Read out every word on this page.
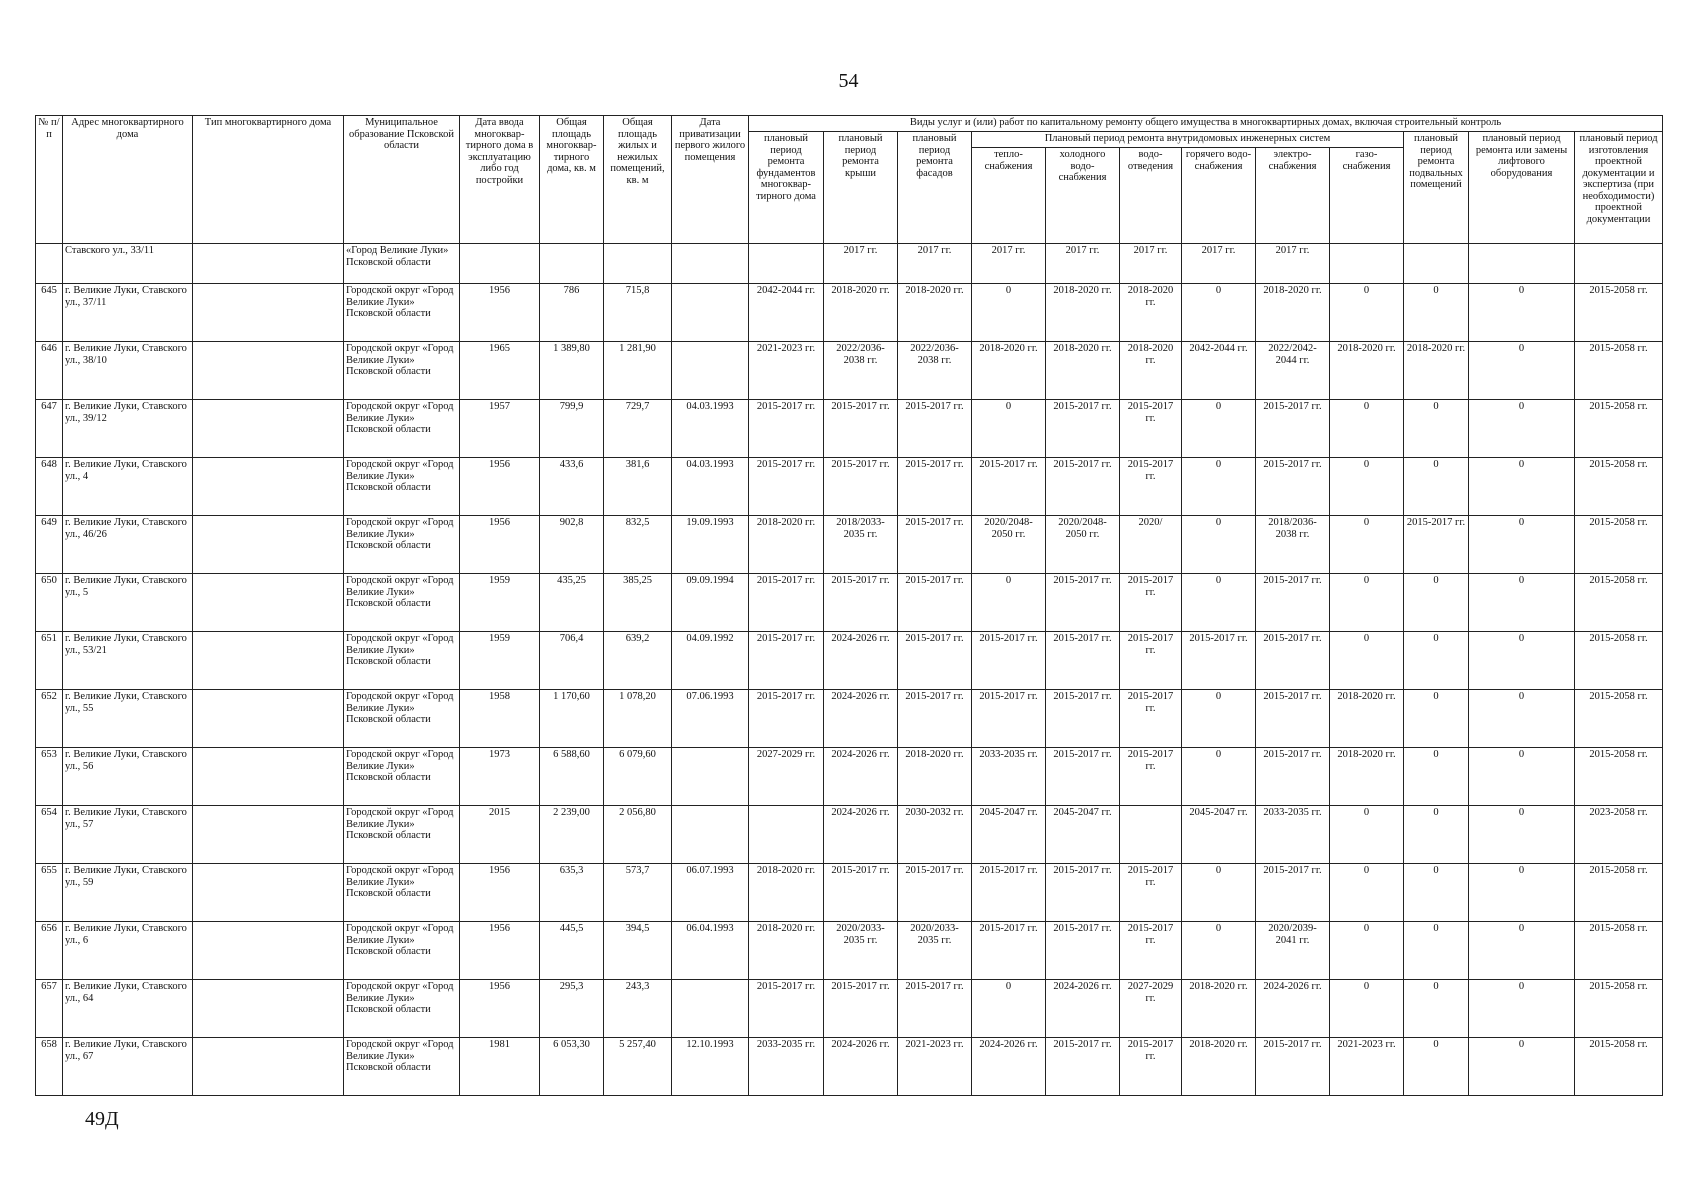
54
№ п/п	Адрес многоквартирного дома	Тип многоквартирного дома	Муниципальное образование Псковской области	Дата ввода многоквар-тирного дома в эксплуатацию либо год постройки	Общая площадь многоквар-тирного дома, кв. м	Общая площадь жилых и нежилых помещений, кв. м	Дата приватизации первого жилого помещения	Виды услуг и (или) работ по капитальному ремонту общего имущества в многоквартирных домах, включая строительный контроль											
								плановый период ремонта фундаментов многоквар-тирного дома	плановый период ремонта крыши	плановый период ремонта фасадов	Плановый период ремонта внутридомовых инженерных систем						плановый период ремонта подвальных помещений	плановый период ремонта или замены лифтового оборудования	плановый период изготовления проектной документации и экспертиза (при необходимости) проектной документации
											тепло-снабжения	холодного водо-снабжения	водо-отведения	горячего водо-снабжения	электро-снабжения	газо-снабжения			
	Ставского ул., 33/11		«Город Великие Луки» Псковской области						2017 гг.	2017 гг.	2017 гг.	2017 гг.	2017 гг.	2017 гг.	2017 гг.				
645	г. Великие Луки, Ставского ул., 37/11		Городской округ «Город Великие Луки» Псковской области	1956	786	715,8		2042-2044 гг.	2018-2020 гг.	2018-2020 гг.	0	2018-2020 гг.	2018-2020 гг.	0	2018-2020 гг.	0	0	0	2015-2058 гг.
646	г. Великие Луки, Ставского ул., 38/10		Городской округ «Город Великие Луки» Псковской области	1965	1 389,80	1 281,90		2021-2023 гг.	2022/2036-2038 гг.	2022/2036-2038 гг.	2018-2020 гг.	2018-2020 гг.	2018-2020 гг.	2042-2044 гг.	2022/2042-2044 гг.	2018-2020 гг.	2018-2020 гг.	0	2015-2058 гг.
647	г. Великие Луки, Ставского ул., 39/12		Городской округ «Город Великие Луки» Псковской области	1957	799,9	729,7	04.03.1993	2015-2017 гг.	2015-2017 гг.	2015-2017 гг.	0	2015-2017 гг.	2015-2017 гг.	0	2015-2017 гг.	0	0	0	2015-2058 гг.
648	г. Великие Луки, Ставского ул., 4		Городской округ «Город Великие Луки» Псковской области	1956	433,6	381,6	04.03.1993	2015-2017 гг.	2015-2017 гг.	2015-2017 гг.	2015-2017 гг.	2015-2017 гг.	2015-2017 гг.	0	2015-2017 гг.	0	0	0	2015-2058 гг.
649	г. Великие Луки, Ставского ул., 46/26		Городской округ «Город Великие Луки» Псковской области	1956	902,8	832,5	19.09.1993	2018-2020 гг.	2018/2033-2035 гг.	2015-2017 гг.	2020/2048-2050 гг.	2020/2048-2050 гг.	2020/	0	2018/2036-2038 гг.	0	2015-2017 гг.	0	2015-2058 гг.
650	г. Великие Луки, Ставского ул., 5		Городской округ «Город Великие Луки» Псковской области	1959	435,25	385,25	09.09.1994	2015-2017 гг.	2015-2017 гг.	2015-2017 гг.	0	2015-2017 гг.	2015-2017 гг.	0	2015-2017 гг.	0	0	0	2015-2058 гг.
651	г. Великие Луки, Ставского ул., 53/21		Городской округ «Город Великие Луки» Псковской области	1959	706,4	639,2	04.09.1992	2015-2017 гг.	2024-2026 гг.	2015-2017 гг.	2015-2017 гг.	2015-2017 гг.	2015-2017 гг.	2015-2017 гг.	2015-2017 гг.	0	0	0	2015-2058 гг.
652	г. Великие Луки, Ставского ул., 55		Городской округ «Город Великие Луки» Псковской области	1958	1 170,60	1 078,20	07.06.1993	2015-2017 гг.	2024-2026 гг.	2015-2017 гг.	2015-2017 гг.	2015-2017 гг.	2015-2017 гг.	0	2015-2017 гг.	2018-2020 гг.	0	0	2015-2058 гг.
653	г. Великие Луки, Ставского ул., 56		Городской округ «Город Великие Луки» Псковской области	1973	6 588,60	6 079,60		2027-2029 гг.	2024-2026 гг.	2018-2020 гг.	2033-2035 гг.	2015-2017 гг.	2015-2017 гг.	0	2015-2017 гг.	2018-2020 гг.	0	0	2015-2058 гг.
654	г. Великие Луки, Ставского ул., 57		Городской округ «Город Великие Луки» Псковской области	2015	2 239,00	2 056,80			2024-2026 гг.	2030-2032 гг.	2045-2047 гг.	2045-2047 гг.		2045-2047 гг.	2033-2035 гг.	0	0	0	2023-2058 гг.
655	г. Великие Луки, Ставского ул., 59		Городской округ «Город Великие Луки» Псковской области	1956	635,3	573,7	06.07.1993	2018-2020 гг.	2015-2017 гг.	2015-2017 гг.	2015-2017 гг.	2015-2017 гг.	2015-2017 гг.	0	2015-2017 гг.	0	0	0	2015-2058 гг.
656	г. Великие Луки, Ставского ул., 6		Городской округ «Город Великие Луки» Псковской области	1956	445,5	394,5	06.04.1993	2018-2020 гг.	2020/2033-2035 гг.	2020/2033-2035 гг.	2015-2017 гг.	2015-2017 гг.	2015-2017 гг.	0	2020/2039-2041 гг.	0	0	0	2015-2058 гг.
657	г. Великие Луки, Ставского ул., 64		Городской округ «Город Великие Луки» Псковской области	1956	295,3	243,3		2015-2017 гг.	2015-2017 гг.	2015-2017 гг.	0	2024-2026 гг.	2027-2029 гг.	2018-2020 гг.	2024-2026 гг.	0	0	0	2015-2058 гг.
658	г. Великие Луки, Ставского ул., 67		Городской округ «Город Великие Луки» Псковской области	1981	6 053,30	5 257,40	12.10.1993	2033-2035 гг.	2024-2026 гг.	2021-2023 гг.	2024-2026 гг.	2015-2017 гг.	2015-2017 гг.	2018-2020 гг.	2015-2017 гг.	2021-2023 гг.	0	0	2015-2058 гг.
49Д
